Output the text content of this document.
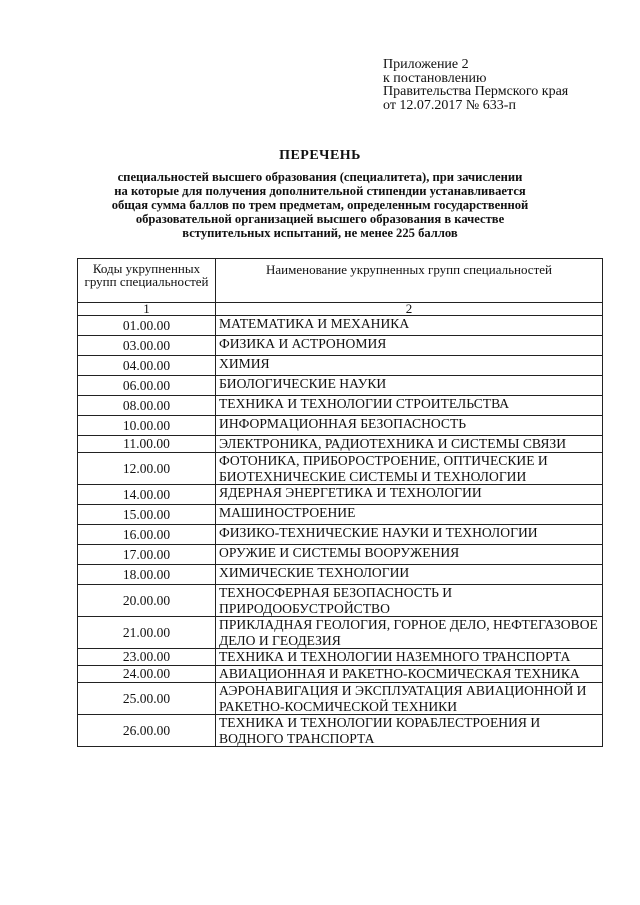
Приложение 2
к постановлению
Правительства Пермского края
от 12.07.2017 № 633-п
ПЕРЕЧЕНЬ
специальностей высшего образования (специалитета), при зачислении
на которые для получения дополнительной стипендии устанавливается
общая сумма баллов по трем предметам, определенным государственной
образовательной организацией высшего образования в качестве
вступительных испытаний, не менее 225 баллов
Коды укрупненных групп специальностей	Наименование укрупненных групп специальностей
1	2
01.00.00	МАТЕМАТИКА И МЕХАНИКА
03.00.00	ФИЗИКА И АСТРОНОМИЯ
04.00.00	ХИМИЯ
06.00.00	БИОЛОГИЧЕСКИЕ НАУКИ
08.00.00	ТЕХНИКА И ТЕХНОЛОГИИ СТРОИТЕЛЬСТВА
10.00.00	ИНФОРМАЦИОННАЯ БЕЗОПАСНОСТЬ
11.00.00	ЭЛЕКТРОНИКА, РАДИОТЕХНИКА И СИСТЕМЫ СВЯЗИ
12.00.00	ФОТОНИКА, ПРИБОРОСТРОЕНИЕ, ОПТИЧЕСКИЕ И БИОТЕХНИЧЕСКИЕ СИСТЕМЫ И ТЕХНОЛОГИИ
14.00.00	ЯДЕРНАЯ ЭНЕРГЕТИКА И ТЕХНОЛОГИИ
15.00.00	МАШИНОСТРОЕНИЕ
16.00.00	ФИЗИКО-ТЕХНИЧЕСКИЕ НАУКИ И ТЕХНОЛОГИИ
17.00.00	ОРУЖИЕ И СИСТЕМЫ ВООРУЖЕНИЯ
18.00.00	ХИМИЧЕСКИЕ ТЕХНОЛОГИИ
20.00.00	ТЕХНОСФЕРНАЯ БЕЗОПАСНОСТЬ И ПРИРОДООБУСТРОЙСТВО
21.00.00	ПРИКЛАДНАЯ ГЕОЛОГИЯ, ГОРНОЕ ДЕЛО, НЕФТЕГАЗОВОЕ ДЕЛО И ГЕОДЕЗИЯ
23.00.00	ТЕХНИКА И ТЕХНОЛОГИИ НАЗЕМНОГО ТРАНСПОРТА
24.00.00	АВИАЦИОННАЯ И РАКЕТНО-КОСМИЧЕСКАЯ ТЕХНИКА
25.00.00	АЭРОНАВИГАЦИЯ И ЭКСПЛУАТАЦИЯ АВИАЦИОННОЙ И РАКЕТНО-КОСМИЧЕСКОЙ ТЕХНИКИ
26.00.00	ТЕХНИКА И ТЕХНОЛОГИИ КОРАБЛЕСТРОЕНИЯ И ВОДНОГО ТРАНСПОРТА
